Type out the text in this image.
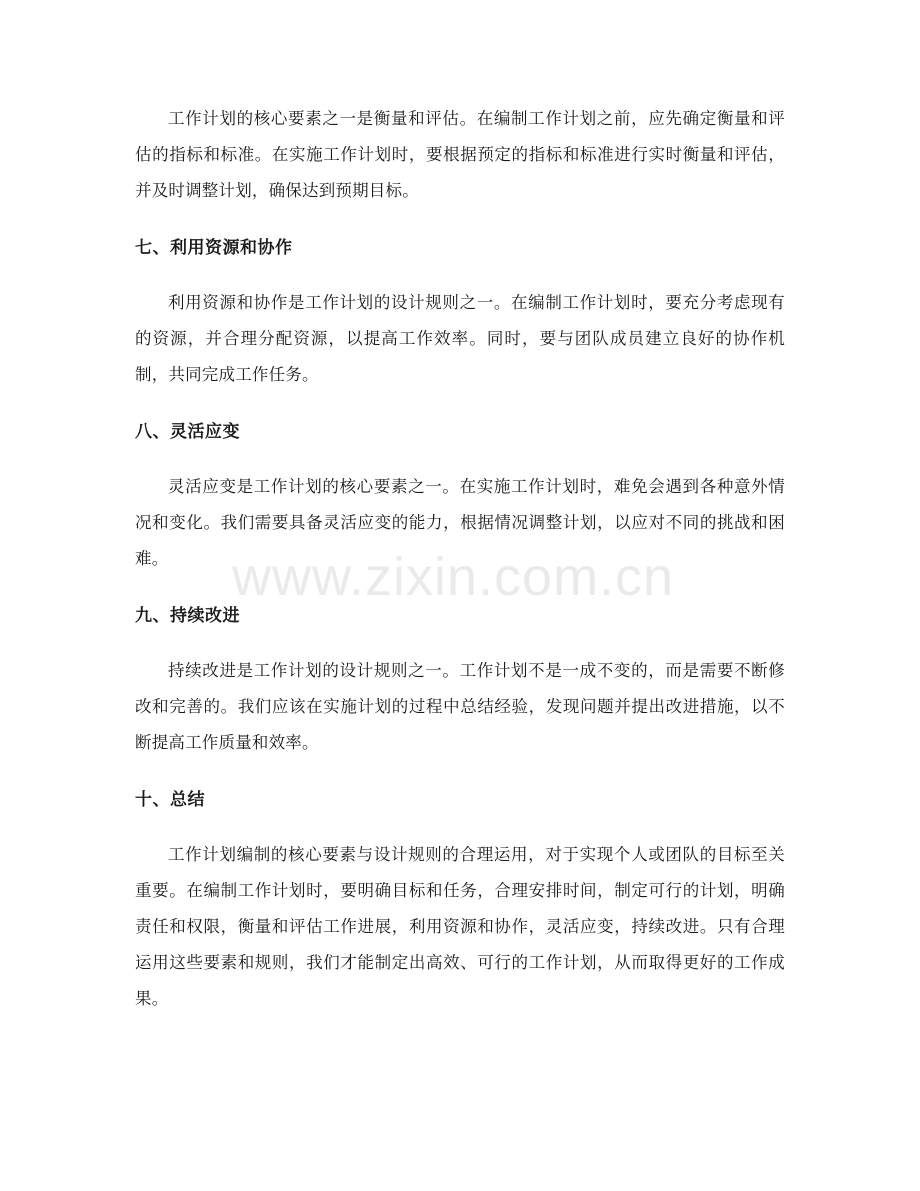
工作计划的核心要素之一是衡量和评估。在编制工作计划之前，应先确定衡量和评估的指标和标准。在实施工作计划时，要根据预定的指标和标准进行实时衡量和评估，并及时调整计划，确保达到预期目标。

七、利用资源和协作

利用资源和协作是工作计划的设计规则之一。在编制工作计划时，要充分考虑现有的资源，并合理分配资源，以提高工作效率。同时，要与团队成员建立良好的协作机制，共同完成工作任务。

八、灵活应变

灵活应变是工作计划的核心要素之一。在实施工作计划时，难免会遇到各种意外情况和变化。我们需要具备灵活应变的能力，根据情况调整计划，以应对不同的挑战和困难。

九、持续改进

持续改进是工作计划的设计规则之一。工作计划不是一成不变的，而是需要不断修改和完善的。我们应该在实施计划的过程中总结经验，发现问题并提出改进措施，以不断提高工作质量和效率。

十、总结

工作计划编制的核心要素与设计规则的合理运用，对于实现个人或团队的目标至关重要。在编制工作计划时，要明确目标和任务，合理安排时间，制定可行的计划，明确责任和权限，衡量和评估工作进展，利用资源和协作，灵活应变，持续改进。只有合理运用这些要素和规则，我们才能制定出高效、可行的工作计划，从而取得更好的工作成果。

www.zixin.com.cn
